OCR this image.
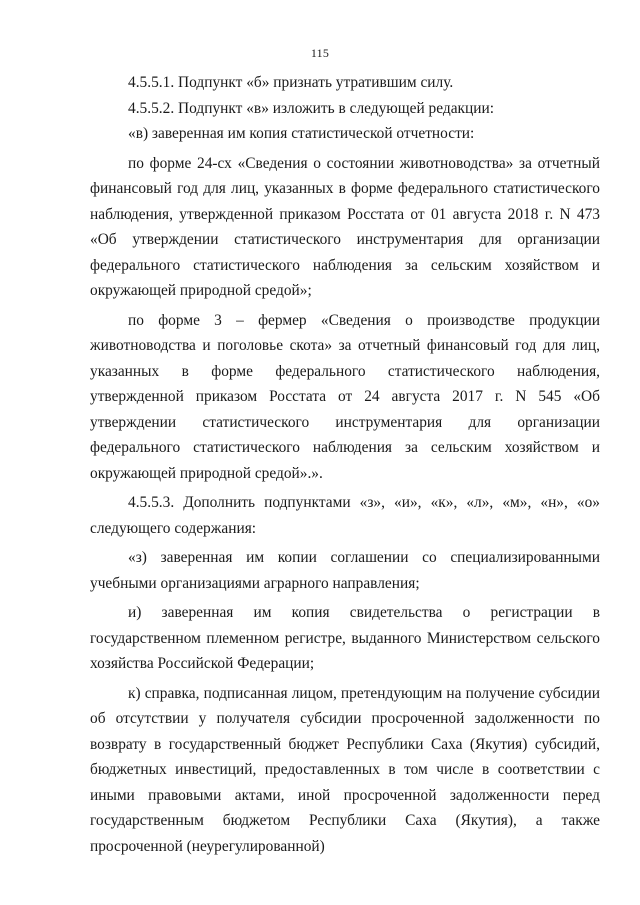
115

4.5.5.1. Подпункт «б» признать утратившим силу.

4.5.5.2. Подпункт «в» изложить в следующей редакции:

«в) заверенная им копия статистической отчетности:

по форме 24-сх «Сведения о состоянии животноводства» за отчетный финансовый год для лиц, указанных в форме федерального статистического наблюдения, утвержденной приказом Росстата от 01 августа 2018 г. N 473 «Об утверждении статистического инструментария для организации федерального статистического наблюдения за сельским хозяйством и окружающей природной средой»;

по форме 3 – фермер «Сведения о производстве продукции животноводства и поголовье скота» за отчетный финансовый год для лиц, указанных в форме федерального статистического наблюдения, утвержденной приказом Росстата от 24 августа 2017 г. N 545 «Об утверждении статистического инструментария для организации федерального статистического наблюдения за сельским хозяйством и окружающей природной средой».».

4.5.5.3. Дополнить подпунктами «з», «и», «к», «л», «м», «н», «о» следующего содержания:

«з) заверенная им копии соглашении со специализированными учебными организациями аграрного направления;

и) заверенная им копия свидетельства о регистрации в государственном племенном регистре, выданного Министерством сельского хозяйства Российской Федерации;

к) справка, подписанная лицом, претендующим на получение субсидии об отсутствии у получателя субсидии просроченной задолженности по возврату в государственный бюджет Республики Саха (Якутия) субсидий, бюджетных инвестиций, предоставленных в том числе в соответствии с иными правовыми актами, иной просроченной задолженности перед государственным бюджетом Республики Саха (Якутия), а также просроченной (неурегулированной)
